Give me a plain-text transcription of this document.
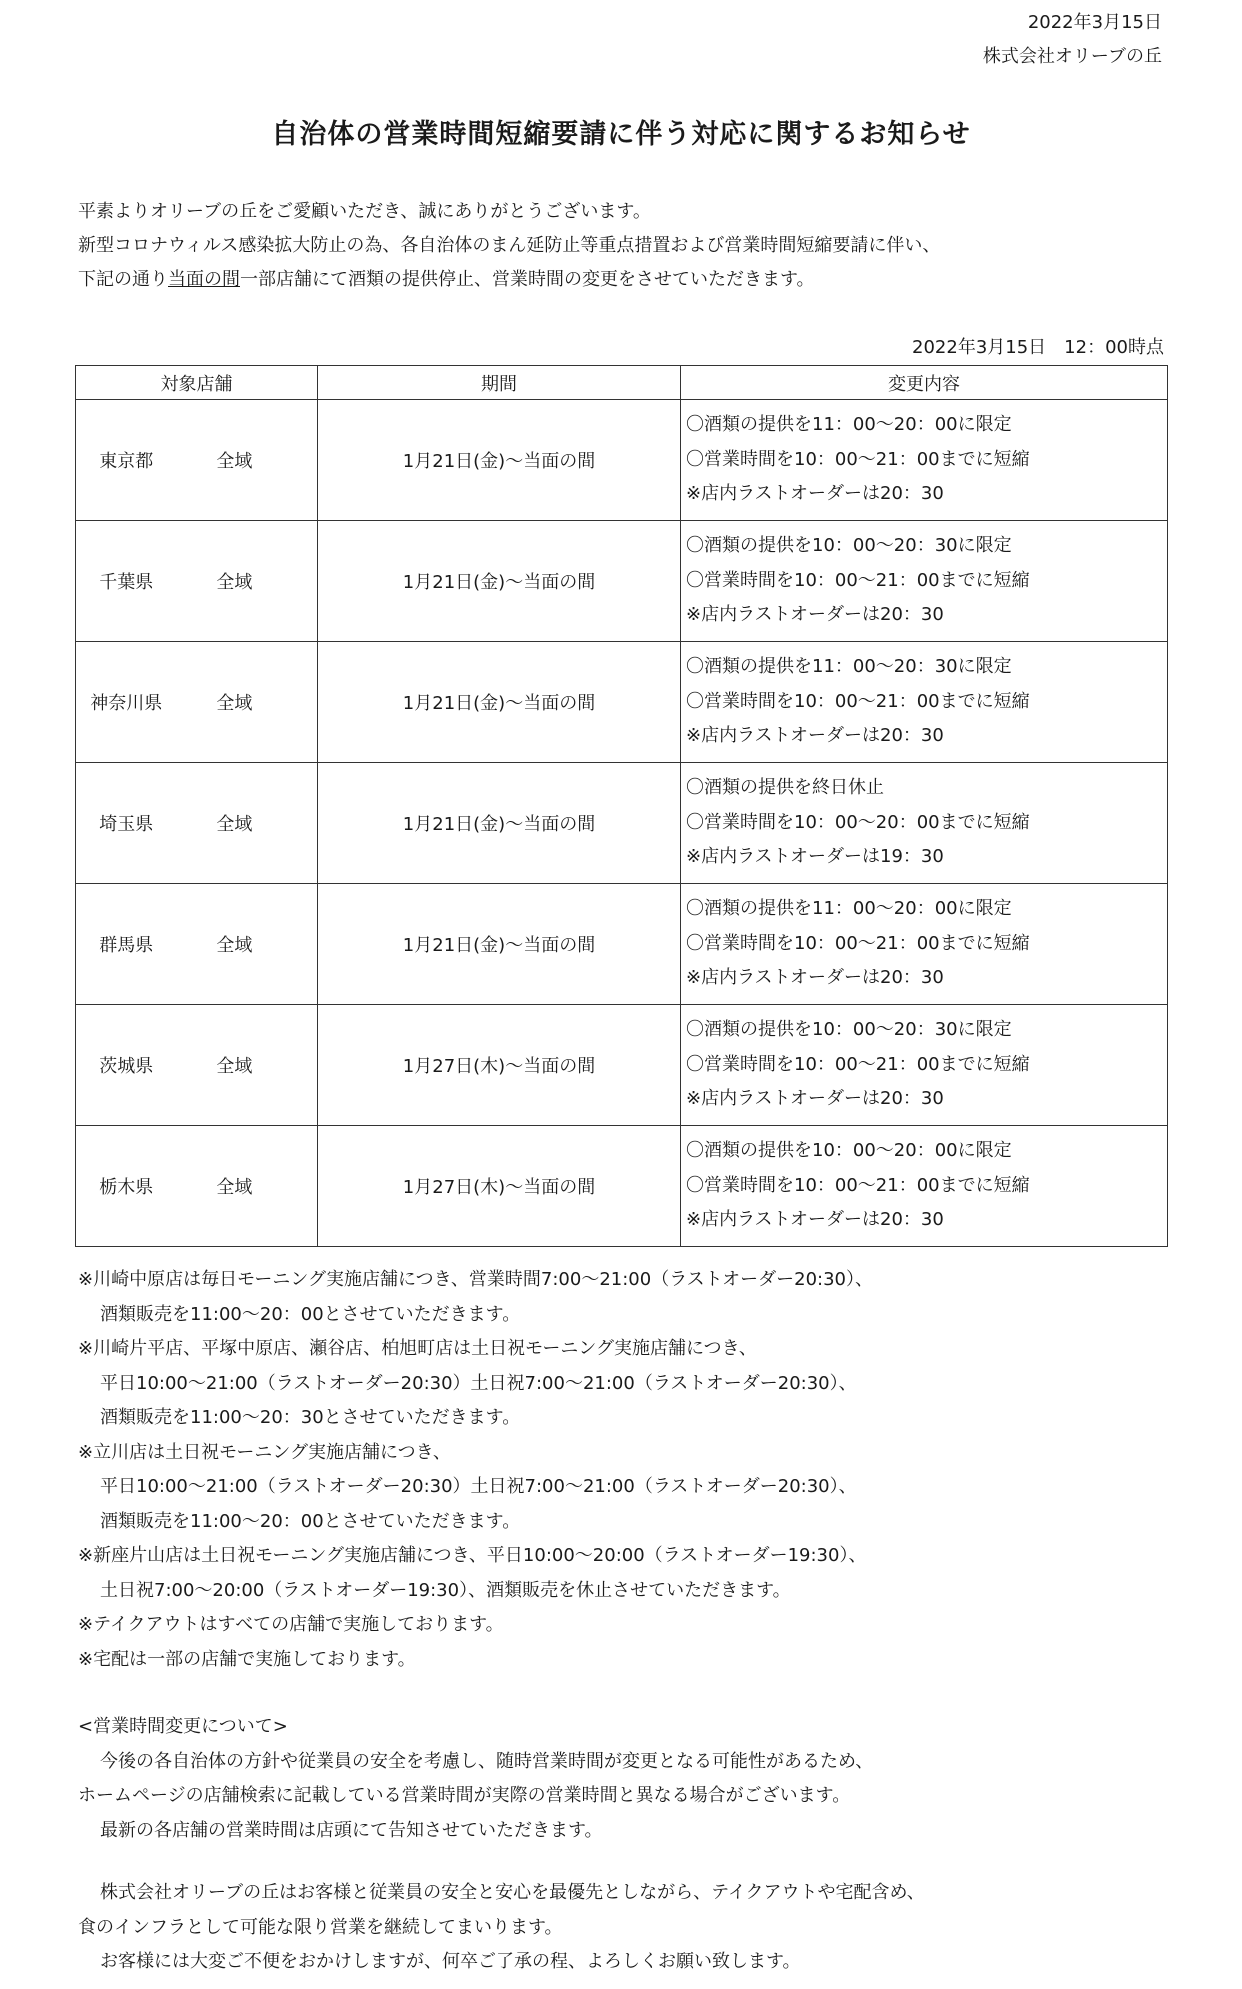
2022年3月15日
株式会社オリーブの丘
自治体の営業時間短縮要請に伴う対応に関するお知らせ

平素よりオリーブの丘をご愛顧いただき、誠にありがとうございます。

新型コロナウィルス感染拡大防止の為、各自治体のまん延防止等重点措置および営業時間短縮要請に伴い、

下記の通り当面の間一部店舗にて酒類の提供停止、営業時間の変更をさせていただきます。

2022年3月15日　12：00時点
対象店舗		期間	変更内容
東京都	全域	1月21日(金)～当面の間	〇酒類の提供を11：00～20：00に限定
〇営業時間を10：00～21：00までに短縮
※店内ラストオーダーは20：30

千葉県	全域	1月21日(金)～当面の間	〇酒類の提供を10：00～20：30に限定
〇営業時間を10：00～21：00までに短縮
※店内ラストオーダーは20：30

神奈川県	全域	1月21日(金)～当面の間	〇酒類の提供を11：00～20：30に限定
〇営業時間を10：00～21：00までに短縮
※店内ラストオーダーは20：30

埼玉県	全域	1月21日(金)～当面の間	〇酒類の提供を終日休止
〇営業時間を10：00～20：00までに短縮
※店内ラストオーダーは19：30

群馬県	全域	1月21日(金)～当面の間	〇酒類の提供を11：00～20：00に限定
〇営業時間を10：00～21：00までに短縮
※店内ラストオーダーは20：30

茨城県	全域	1月27日(木)～当面の間	〇酒類の提供を10：00～20：30に限定
〇営業時間を10：00～21：00までに短縮
※店内ラストオーダーは20：30

栃木県	全域	1月27日(木)～当面の間	〇酒類の提供を10：00～20：00に限定
〇営業時間を10：00～21：00までに短縮
※店内ラストオーダーは20：30

※川崎中原店は毎日モーニング実施店舗につき、営業時間7:00～21:00（ラストオーダー20:30）、

酒類販売を11:00～20：00とさせていただきます。

※川崎片平店、平塚中原店、瀬谷店、柏旭町店は土日祝モーニング実施店舗につき、

平日10:00～21:00（ラストオーダー20:30）土日祝7:00～21:00（ラストオーダー20:30）、

酒類販売を11:00～20：30とさせていただきます。

※立川店は土日祝モーニング実施店舗につき、

平日10:00～21:00（ラストオーダー20:30）土日祝7:00～21:00（ラストオーダー20:30）、

酒類販売を11:00～20：00とさせていただきます。

※新座片山店は土日祝モーニング実施店舗につき、平日10:00～20:00（ラストオーダー19:30）、

土日祝7:00～20:00（ラストオーダー19:30）、酒類販売を休止させていただきます。

※テイクアウトはすべての店舗で実施しております。

※宅配は一部の店舗で実施しております。

<営業時間変更について>

今後の各自治体の方針や従業員の安全を考慮し、随時営業時間が変更となる可能性があるため、

ホームページの店舗検索に記載している営業時間が実際の営業時間と異なる場合がございます。

最新の各店舗の営業時間は店頭にて告知させていただきます。

株式会社オリーブの丘はお客様と従業員の安全と安心を最優先としながら、テイクアウトや宅配含め、

食のインフラとして可能な限り営業を継続してまいります。

お客様には大変ご不便をおかけしますが、何卒ご了承の程、よろしくお願い致します。
